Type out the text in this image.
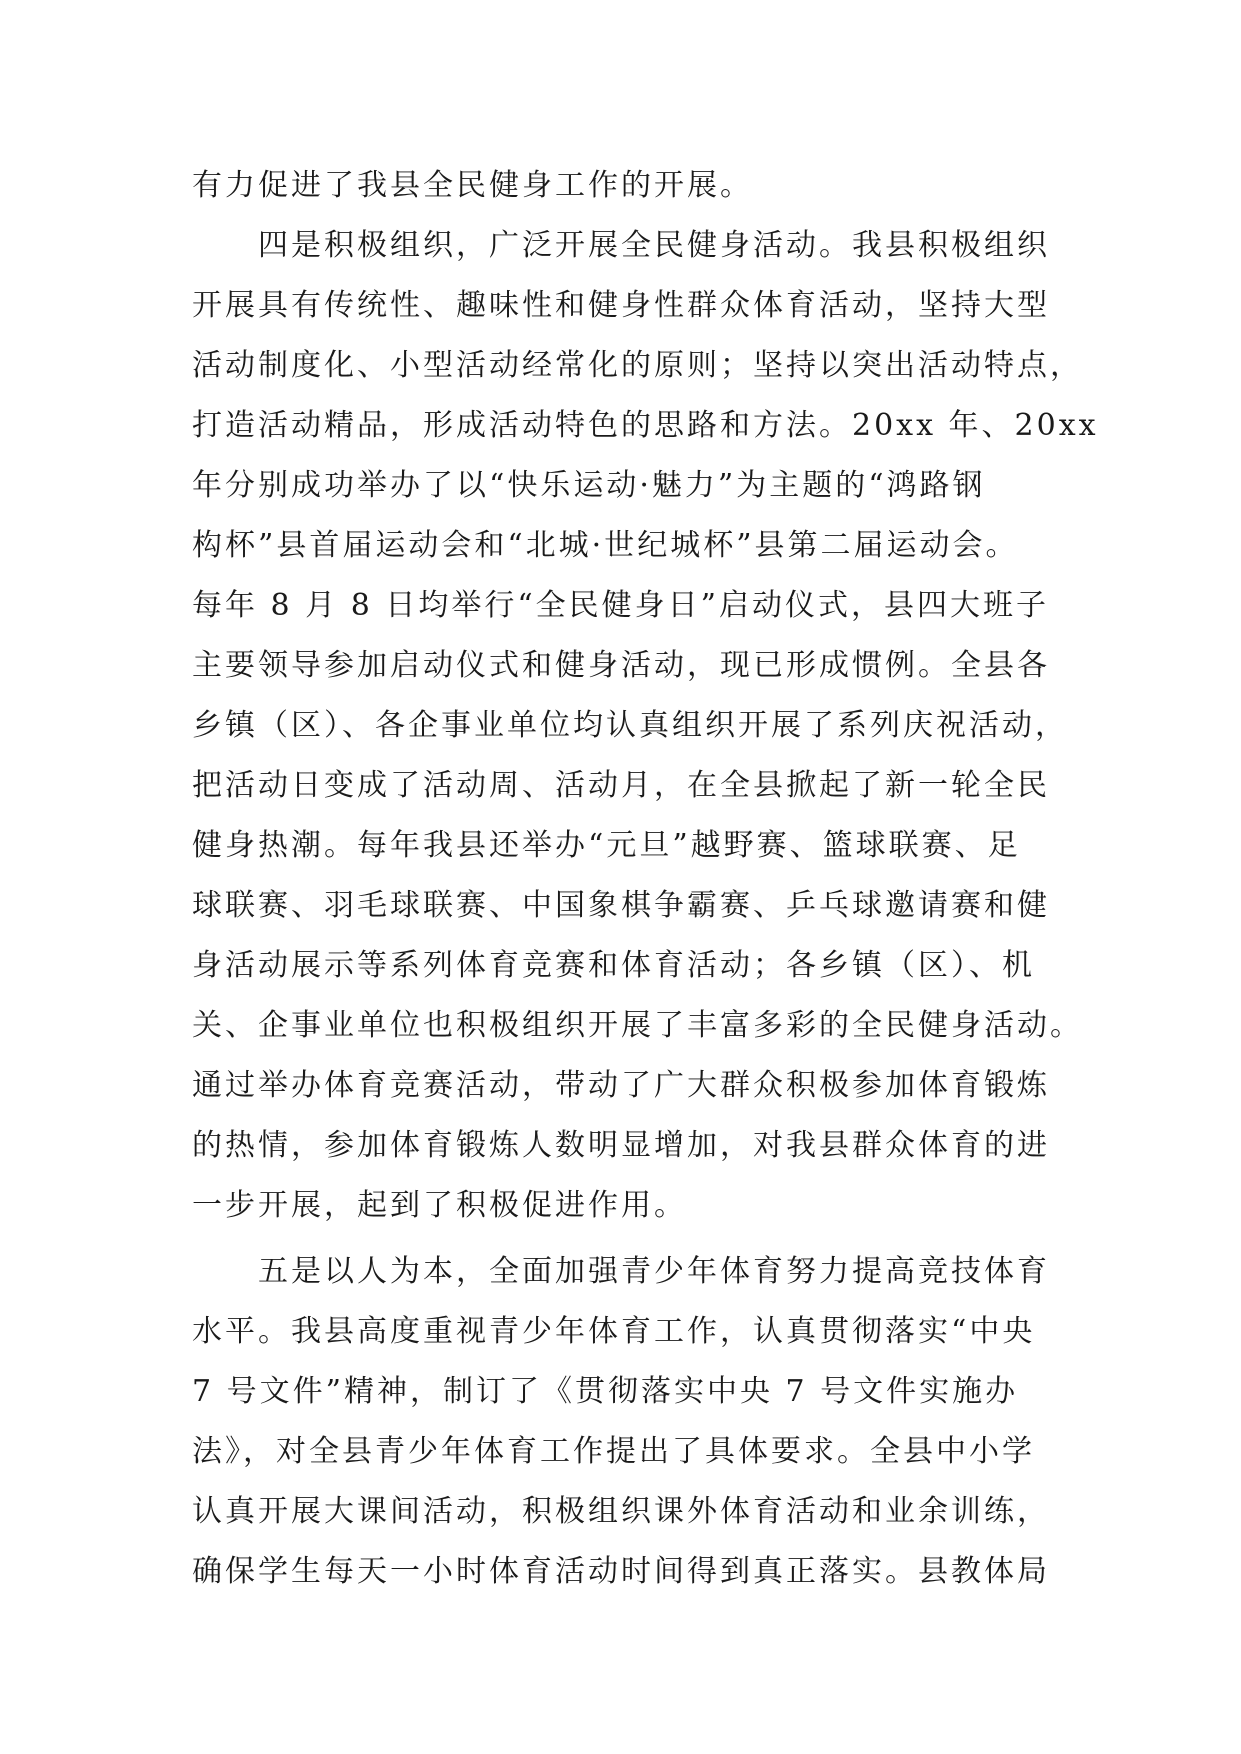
有力促进了我县全民健身工作的开展。
四是积极组织，广泛开展全民健身活动。我县积极组织
开展具有传统性、趣味性和健身性群众体育活动，坚持大型
活动制度化、小型活动经常化的原则；坚持以突出活动特点，
打造活动精品，形成活动特色的思路和方法。20xx 年、20xx
年分别成功举办了以“快乐运动·魅力”为主题的“鸿路钢
构杯”县首届运动会和“北城·世纪城杯”县第二届运动会。
每年 8 月 8 日均举行“全民健身日”启动仪式，县四大班子
主要领导参加启动仪式和健身活动，现已形成惯例。全县各
乡镇（区）、各企事业单位均认真组织开展了系列庆祝活动，
把活动日变成了活动周、活动月，在全县掀起了新一轮全民
健身热潮。每年我县还举办“元旦”越野赛、篮球联赛、足
球联赛、羽毛球联赛、中国象棋争霸赛、乒乓球邀请赛和健
身活动展示等系列体育竞赛和体育活动；各乡镇（区）、机
关、企事业单位也积极组织开展了丰富多彩的全民健身活动。
通过举办体育竞赛活动，带动了广大群众积极参加体育锻炼
的热情，参加体育锻炼人数明显增加，对我县群众体育的进
一步开展，起到了积极促进作用。
五是以人为本，全面加强青少年体育努力提高竞技体育
水平。我县高度重视青少年体育工作，认真贯彻落实“中央
7 号文件”精神，制订了《贯彻落实中央 7 号文件实施办
法》，对全县青少年体育工作提出了具体要求。全县中小学
认真开展大课间活动，积极组织课外体育活动和业余训练，
确保学生每天一小时体育活动时间得到真正落实。县教体局
